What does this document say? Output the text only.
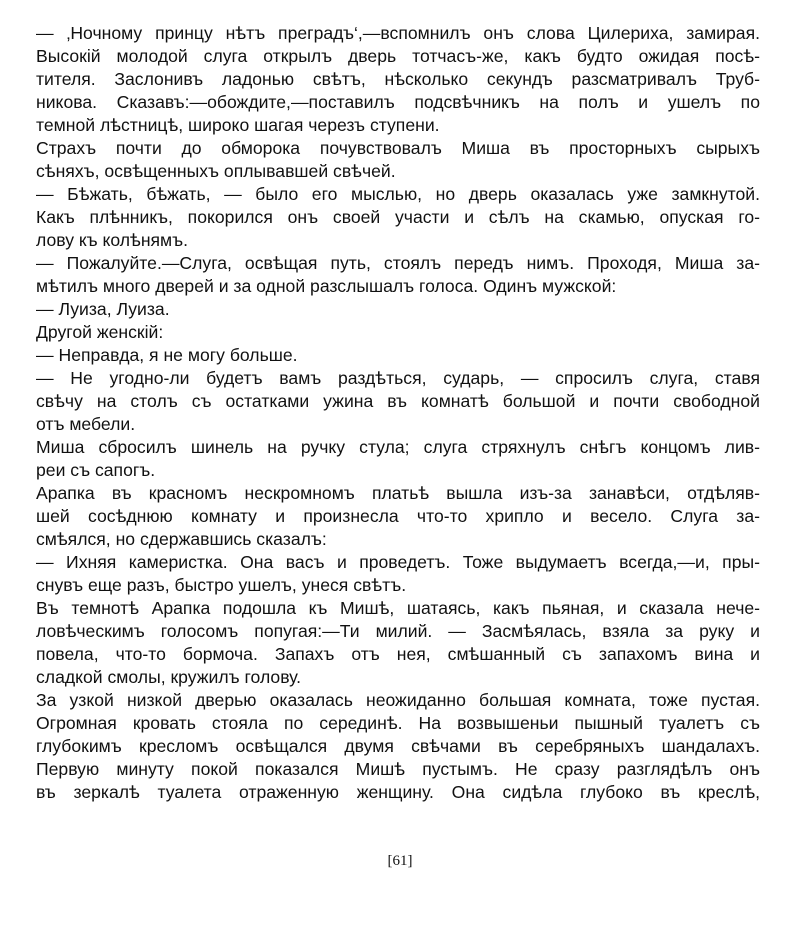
— ‚Ночному принцу нѣтъ преградъ‘,—вспомнилъ онъ слова Цилериха, замирая.
Высокій молодой слуга открылъ дверь тотчасъ-же, какъ будто ожидая посѣ-
тителя. Заслонивъ ладонью свѣтъ, нѣсколько секундъ разсматривалъ Труб-
никова. Сказавъ:—обождите,—поставилъ подсвѣчникъ на полъ и ушелъ по
темной лѣстницѣ, широко шагая черезъ ступени.
Страхъ почти до обморока почувствовалъ Миша въ просторныхъ сырыхъ
сѣняхъ, освѣщенныхъ оплывавшей свѣчей.
— Бѣжать, бѣжать, — было его мыслью, но дверь оказалась уже замкнутой.
Какъ плѣнникъ, покорился онъ своей участи и сѣлъ на скамью, опуская го-
лову къ колѣнямъ.
— Пожалуйте.—Слуга, освѣщая путь, стоялъ передъ нимъ. Проходя, Миша за-
мѣтилъ много дверей и за одной разслышалъ голоса. Одинъ мужской:
— Луиза, Луиза.
Другой женскій:
— Неправда, я не могу больше.
— Не угодно-ли будетъ вамъ раздѣться, сударь, — спросилъ слуга, ставя
свѣчу на столъ съ остатками ужина въ комнатѣ большой и почти свободной
отъ мебели.
Миша сбросилъ шинель на ручку стула; слуга стряхнулъ снѣгъ концомъ лив-
реи съ сапогъ.
Арапка въ красномъ нескромномъ платьѣ вышла изъ-за занавѣси, отдѣляв-
шей сосѣднюю комнату и произнесла что-то хрипло и весело. Слуга за-
смѣялся, но сдержавшись сказалъ:
— Ихняя камеристка. Она васъ и проведетъ. Тоже выдумаетъ всегда,—и, пры-
снувъ еще разъ, быстро ушелъ, унеся свѣтъ.
Въ темнотѣ Арапка подошла къ Мишѣ, шатаясь, какъ пьяная, и сказала нече-
ловѣческимъ голосомъ попугая:—Ти милий. — Засмѣялась, взяла за руку и
повела, что-то бормоча. Запахъ отъ нея, смѣшанный съ запахомъ вина и
сладкой смолы, кружилъ голову.
За узкой низкой дверью оказалась неожиданно большая комната, тоже пустая.
Огромная кровать стояла по серединѣ. На возвышеньи пышный туалетъ съ
глубокимъ кресломъ освѣщался двумя свѣчами въ серебряныхъ шандалахъ.
Первую минуту покой показался Мишѣ пустымъ. Не сразу разглядѣлъ онъ
въ зеркалѣ туалета отраженную женщину. Она сидѣла глубоко въ креслѣ,
[61]
